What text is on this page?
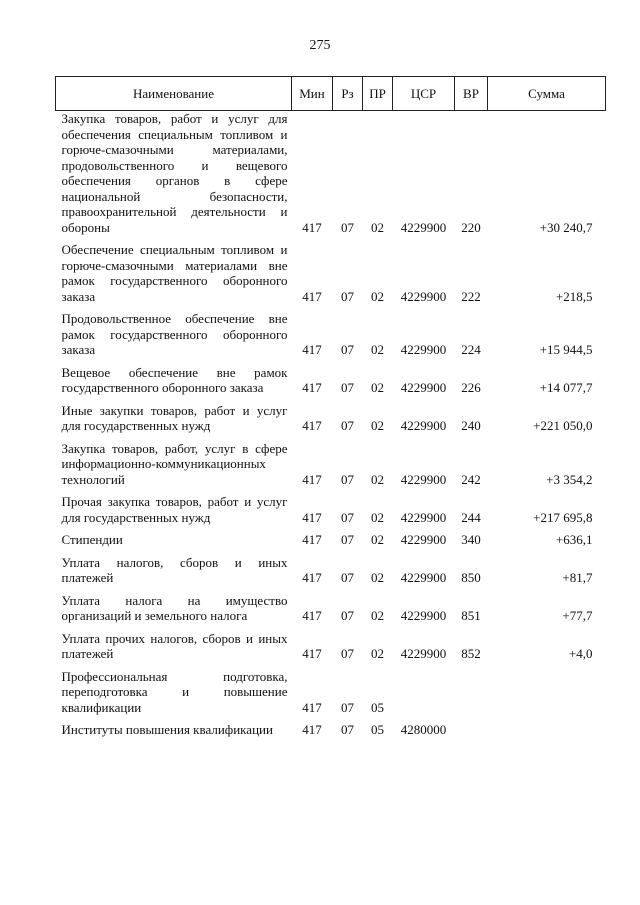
275
Наименование	Мин	Рз	ПР	ЦСР	ВР	Сумма
Закупка товаров, работ и услуг для обеспечения специальным топливом и горюче-смазочными материалами, продовольственного и вещевого обеспечения органов в сфере национальной безопасности, правоохранительной деятельности и обороны	417	07	02	4229900	220	+30 240,7

Обеспечение специальным топливом и горюче-смазочными материалами вне рамок государственного оборонного заказа	417	07	02	4229900	222	+218,5

Продовольственное обеспечение вне рамок государственного оборонного заказа	417	07	02	4229900	224	+15 944,5

Вещевое обеспечение вне рамок государственного оборонного заказа	417	07	02	4229900	226	+14 077,7

Иные закупки товаров, работ и услуг для государственных нужд	417	07	02	4229900	240	+221 050,0

Закупка товаров, работ, услуг в сфере информационно-коммуникационных технологий	417	07	02	4229900	242	+3 354,2

Прочая закупка товаров, работ и услуг для государственных нужд	417	07	02	4229900	244	+217 695,8

Стипендии	417	07	02	4229900	340	+636,1

Уплата налогов, сборов и иных платежей	417	07	02	4229900	850	+81,7

Уплата налога на имущество организаций и земельного налога	417	07	02	4229900	851	+77,7

Уплата прочих налогов, сборов и иных платежей	417	07	02	4229900	852	+4,0

Профессиональная подготовка, переподготовка и повышение квалификации	417	07	05			

Институты повышения квалификации	417	07	05	4280000		
